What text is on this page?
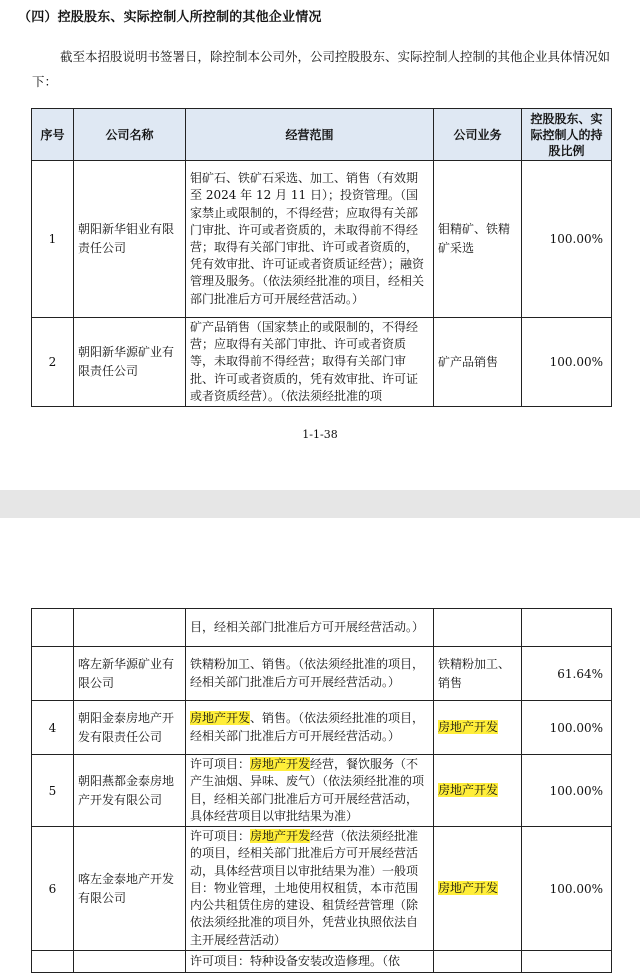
（四）控股股东、实际控制人所控制的其他企业情况
截至本招股说明书签署日，除控制本公司外，公司控股股东、实际控制人控制的其他企业具体情况如下：
序号	公司名称	经营范围	公司业务	控股股东、实际控制人的持股比例
1	朝阳新华钼业有限责任公司	钼矿石、铁矿石采选、加工、销售（有效期至 2024 年 12 月 11 日）；投资管理。（国家禁止或限制的，不得经营；应取得有关部门审批、许可或者资质的，未取得前不得经营；取得有关部门审批、许可或者资质的，凭有效审批、许可证或者资质证经营）；融资管理及服务。（依法须经批准的项目，经相关部门批准后方可开展经营活动。）	钼精矿、铁精矿采选	100.00%
2	朝阳新华源矿业有限责任公司	矿产品销售（国家禁止的或限制的，不得经营；应取得有关部门审批、许可或者资质等，未取得前不得经营；取得有关部门审批、许可或者资质的，凭有效审批、许可证或者资质经营）。（依法须经批准的项	矿产品销售	100.00%
1-1-38
		目，经相关部门批准后方可开展经营活动。）		
	喀左新华源矿业有限公司	铁精粉加工、销售。（依法须经批准的项目，经相关部门批准后方可开展经营活动。）	铁精粉加工、销售	61.64%
4	朝阳金泰房地产开发有限责任公司	房地产开发、销售。（依法须经批准的项目，经相关部门批准后方可开展经营活动。）	房地产开发	100.00%
5	朝阳燕都金泰房地产开发有限公司	许可项目：房地产开发经营，餐饮服务（不产生油烟、异味、废气）（依法须经批准的项目，经相关部门批准后方可开展经营活动，具体经营项目以审批结果为准）	房地产开发	100.00%
6	喀左金泰地产开发有限公司	许可项目：房地产开发经营（依法须经批准的项目，经相关部门批准后方可开展经营活动，具体经营项目以审批结果为准）一般项目：物业管理，土地使用权租赁，本市范围内公共租赁住房的建设、租赁经营管理（除依法须经批准的项目外，凭营业执照依法自主开展经营活动）	房地产开发	100.00%
		许可项目：特种设备安装改造修理。（依		
